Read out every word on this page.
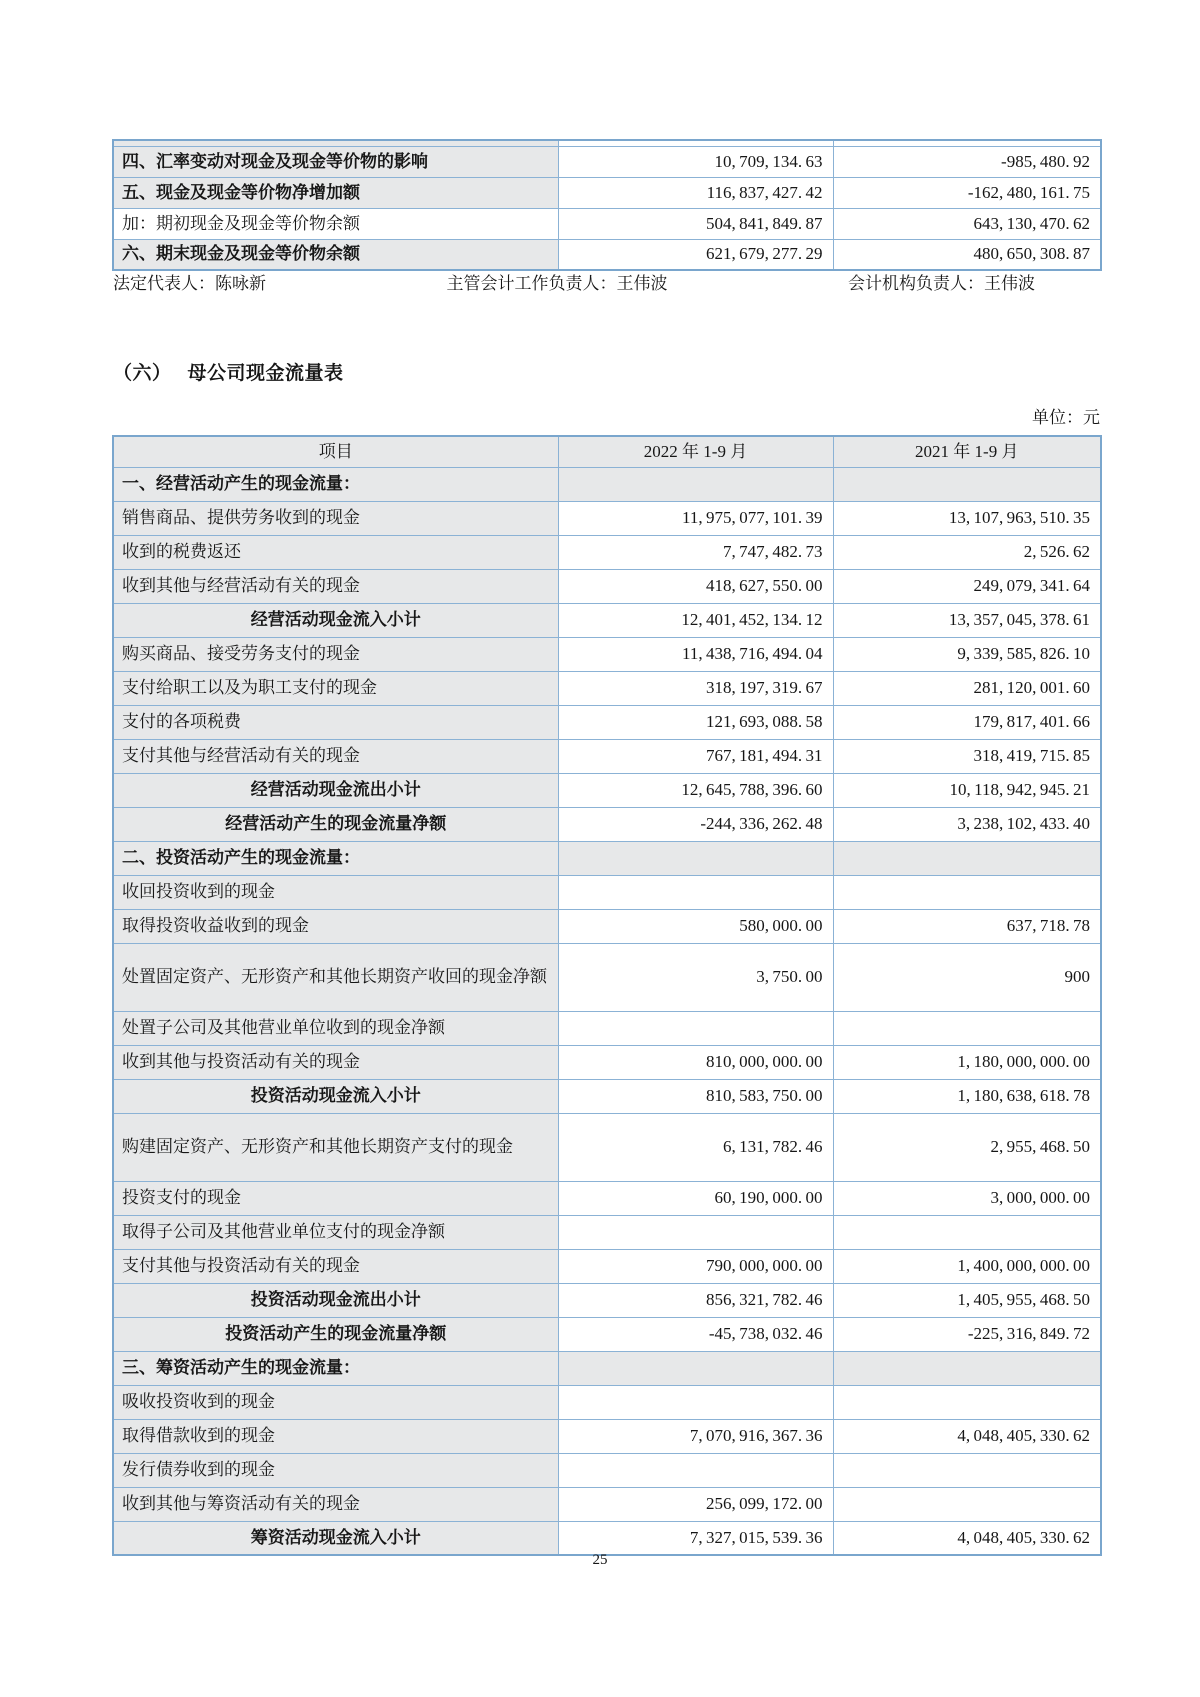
四、汇率变动对现金及现金等价物的影响	10, 709, 134. 63	-985, 480. 92
五、现金及现金等价物净增加额	116, 837, 427. 42	-162, 480, 161. 75
加：期初现金及现金等价物余额	504, 841, 849. 87	643, 130, 470. 62
六、期末现金及现金等价物余额	621, 679, 277. 29	480, 650, 308. 87
法定代表人：陈咏新	主管会计工作负责人：王伟波	会计机构负责人：王伟波
（六） 母公司现金流量表
单位：元
项目	2022 年 1-9 月	2021 年 1-9 月
一、经营活动产生的现金流量：		
销售商品、提供劳务收到的现金	11, 975, 077, 101. 39	13, 107, 963, 510. 35
收到的税费返还	7, 747, 482. 73	2, 526. 62
收到其他与经营活动有关的现金	418, 627, 550. 00	249, 079, 341. 64
经营活动现金流入小计	12, 401, 452, 134. 12	13, 357, 045, 378. 61
购买商品、接受劳务支付的现金	11, 438, 716, 494. 04	9, 339, 585, 826. 10
支付给职工以及为职工支付的现金	318, 197, 319. 67	281, 120, 001. 60
支付的各项税费	121, 693, 088. 58	179, 817, 401. 66
支付其他与经营活动有关的现金	767, 181, 494. 31	318, 419, 715. 85
经营活动现金流出小计	12, 645, 788, 396. 60	10, 118, 942, 945. 21
经营活动产生的现金流量净额	-244, 336, 262. 48	3, 238, 102, 433. 40
二、投资活动产生的现金流量：		
收回投资收到的现金		
取得投资收益收到的现金	580, 000. 00	637, 718. 78
处置固定资产、无形资产和其他长期资产收回的现金净额	3, 750. 00	900
处置子公司及其他营业单位收到的现金净额		
收到其他与投资活动有关的现金	810, 000, 000. 00	1, 180, 000, 000. 00
投资活动现金流入小计	810, 583, 750. 00	1, 180, 638, 618. 78
购建固定资产、无形资产和其他长期资产支付的现金	6, 131, 782. 46	2, 955, 468. 50
投资支付的现金	60, 190, 000. 00	3, 000, 000. 00
取得子公司及其他营业单位支付的现金净额		
支付其他与投资活动有关的现金	790, 000, 000. 00	1, 400, 000, 000. 00
投资活动现金流出小计	856, 321, 782. 46	1, 405, 955, 468. 50
投资活动产生的现金流量净额	-45, 738, 032. 46	-225, 316, 849. 72
三、筹资活动产生的现金流量：		
吸收投资收到的现金		
取得借款收到的现金	7, 070, 916, 367. 36	4, 048, 405, 330. 62
发行债券收到的现金		
收到其他与筹资活动有关的现金	256, 099, 172. 00	
筹资活动现金流入小计	7, 327, 015, 539. 36	4, 048, 405, 330. 62
25
